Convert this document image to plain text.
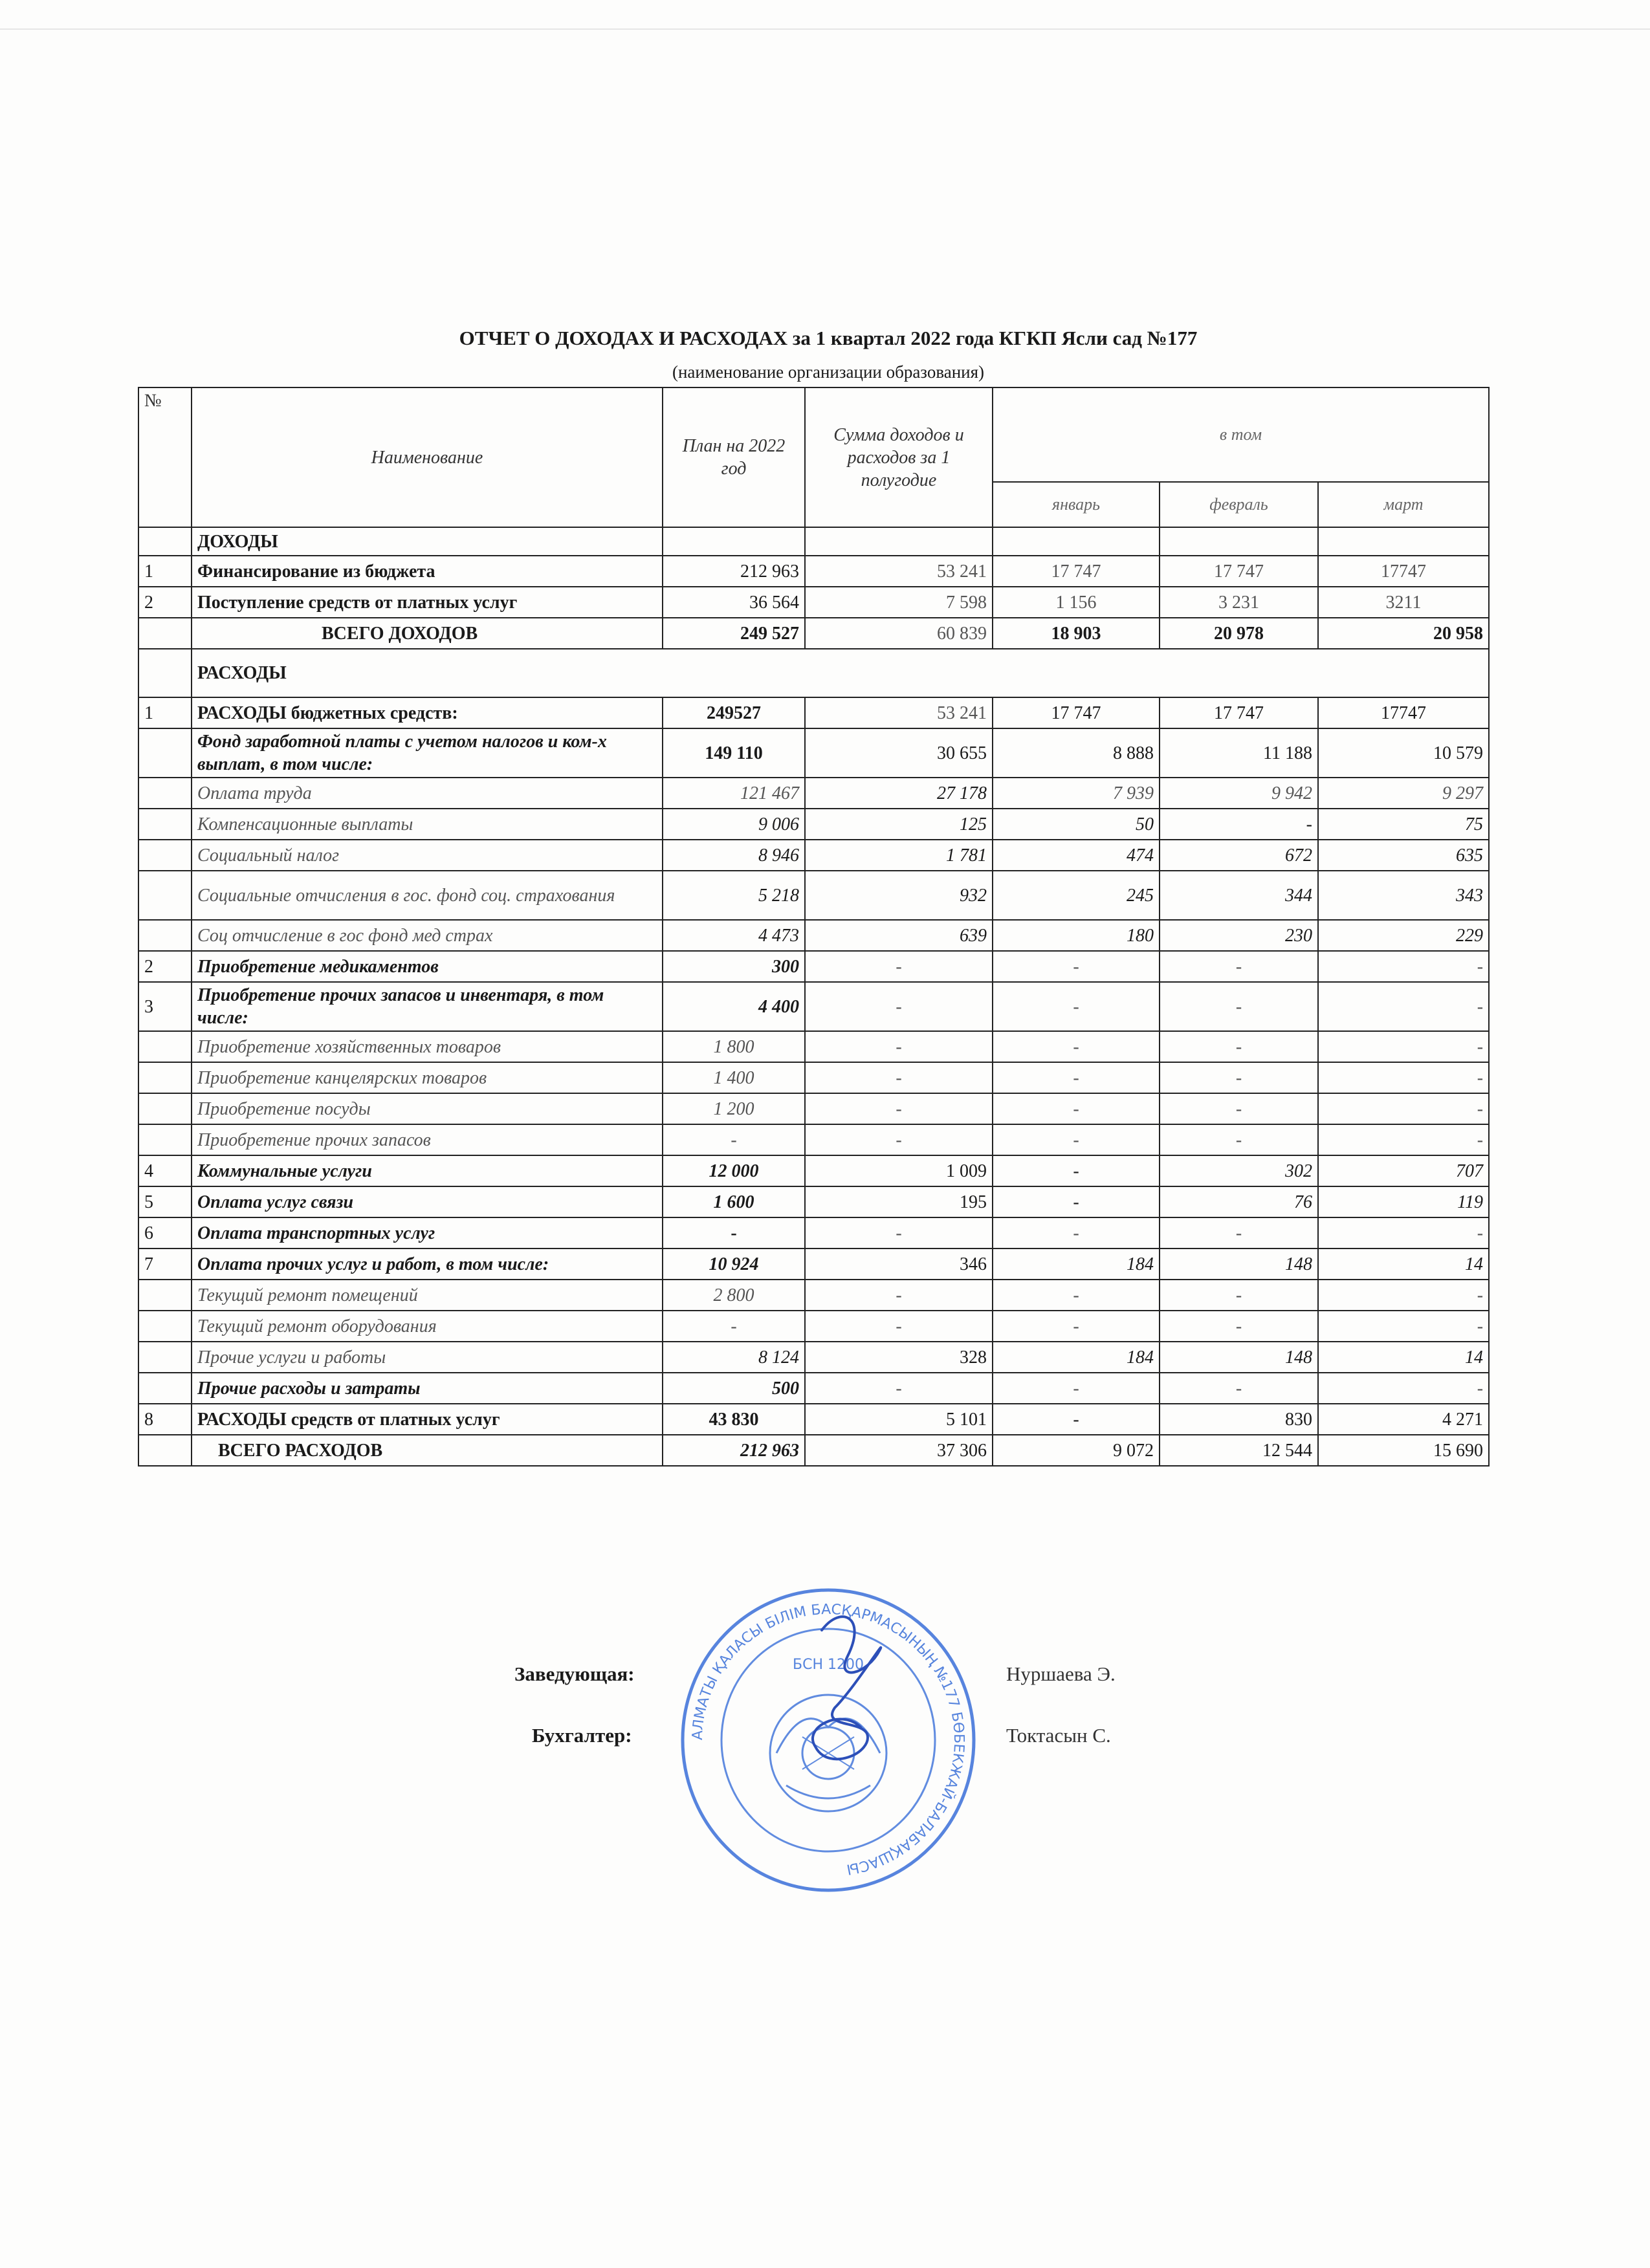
ОТЧЕТ О ДОХОДАХ И РАСХОДАХ за 1 квартал 2022 года КГКП Ясли сад №177
(наименование организации образования)
№	Наименование	План на 2022 год	Сумма доходов и расходов за 1 полугодие	в том		
				январь	февраль	март
	ДОХОДЫ					
1	Финансирование из бюджета	212 963	53 241	17 747	17 747	17747
2	Поступление средств от платных услуг	36 564	7 598	1 156	3 231	3211
	ВСЕГО ДОХОДОВ	249 527	60 839	18 903	20 978	20 958
	РАСХОДЫ					
1	РАСХОДЫ бюджетных средств:	249527	53 241	17 747	17 747	17747
	Фонд заработной платы с учетом налогов и ком-х выплат, в том числе:	149 110	30 655	8 888	11 188	10 579
	Оплата труда	121 467	27 178	7 939	9 942	9 297
	Компенсационные выплаты	9 006	125	50	-	75
	Социальный налог	8 946	1 781	474	672	635
	Социальные отчисления в гос. фонд соц. страхования	5 218	932	245	344	343
	Соц отчисление в гос фонд мед страх	4 473	639	180	230	229
2	Приобретение медикаментов	300	-	-	-	-
3	Приобретение прочих запасов и инвентаря, в том числе:	4 400	-	-	-	-
	Приобретение хозяйственных товаров	1 800	-	-	-	-
	Приобретение канцелярских товаров	1 400	-	-	-	-
	Приобретение посуды	1 200	-	-	-	-
	Приобретение прочих запасов	-	-	-	-	-
4	Коммунальные услуги	12 000	1 009	-	302	707
5	Оплата услуг связи	1 600	195	-	76	119
6	Оплата транспортных услуг	-	-	-	-	-
7	Оплата прочих услуг и работ, в том числе:	10 924	346	184	148	14
	Текущий ремонт помещений	2 800	-	-	-	-
	Текущий ремонт оборудования	-	-	-	-	-
	Прочие услуги и работы	8 124	328	184	148	14
	Прочие расходы и затраты	500	-	-	-	-
8	РАСХОДЫ средств от платных услуг	43 830	5 101	-	830	4 271
	ВСЕГО РАСХОДОВ	212 963	37 306	9 072	12 544	15 690
Заведующая:	Нуршаева Э.
Бухгалтер:	Токтасын С.
АЛМАТЫ ҚАЛАСЫ БІЛІМ БАСҚАРМАСЫНЫҢ №177 БӨБЕКЖАЙ-БАЛАБАҚШАСЫ
БСН 1200
